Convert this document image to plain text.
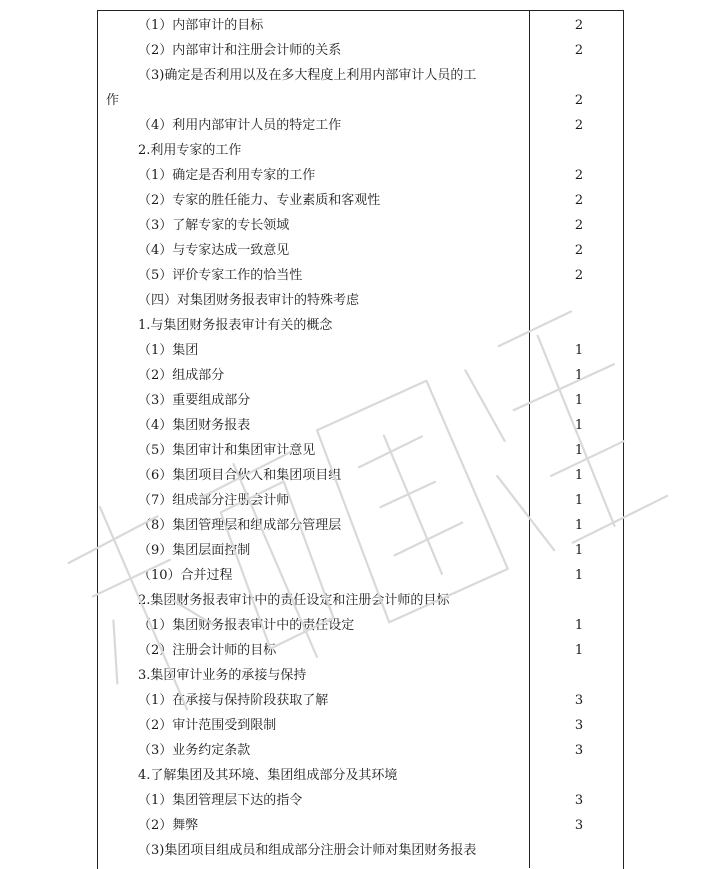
（1）内部审计的目标	2
（2）内部审计和注册会计师的关系	2
（3)确定是否利用以及在多大程度上利用内部审计人员的工
作	2
（4）利用内部审计人员的特定工作	2
2.利用专家的工作
（1）确定是否利用专家的工作	2
（2）专家的胜任能力、专业素质和客观性	2
（3）了解专家的专长领域	2
（4）与专家达成一致意见	2
（5）评价专家工作的恰当性	2
（四）对集团财务报表审计的特殊考虑
1.与集团财务报表审计有关的概念
（1）集团	1
（2）组成部分	1
（3）重要组成部分	1
（4）集团财务报表	1
（5）集团审计和集团审计意见	1
（6）集团项目合伙人和集团项目组	1
（7）组成部分注册会计师	1
（8）集团管理层和组成部分管理层	1
（9）集团层面控制	1
（10）合并过程	1
2.集团财务报表审计中的责任设定和注册会计师的目标
（1）集团财务报表审计中的责任设定	1
（2）注册会计师的目标	1
3.集团审计业务的承接与保持
（1）在承接与保持阶段获取了解	3
（2）审计范围受到限制	3
（3）业务约定条款	3
4.了解集团及其环境、集团组成部分及其环境
（1）集团管理层下达的指令	3
（2）舞弊	3
（3)集团项目组成员和组成部分注册会计师对集团财务报表
